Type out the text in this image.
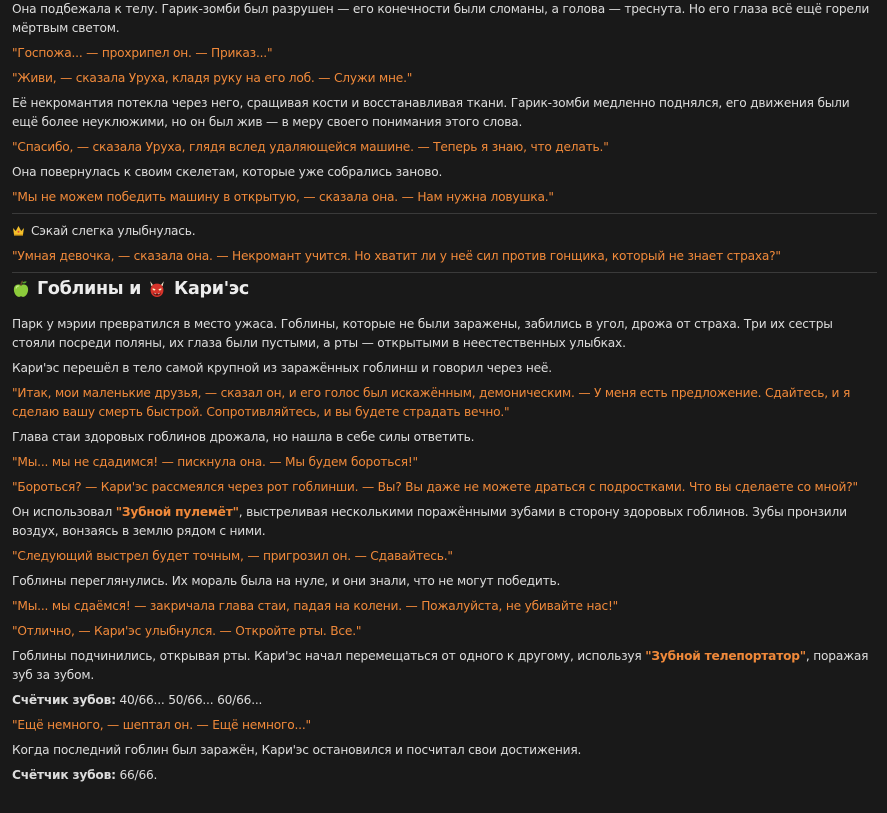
Она подбежала к телу. Гарик-зомби был разрушен — его конечности были сломаны, а голова — треснута. Но его глаза всё ещё горели мёртвым светом.

"Госпожа... — прохрипел он. — Приказ..."

"Живи, — сказала Уруха, кладя руку на его лоб. — Служи мне."

Её некромантия потекла через него, сращивая кости и восстанавливая ткани. Гарик-зомби медленно поднялся, его движения были ещё более неуклюжими, но он был жив — в меру своего понимания этого слова.

"Спасибо, — сказала Уруха, глядя вслед удаляющейся машине. — Теперь я знаю, что делать."

Она повернулась к своим скелетам, которые уже собрались заново.

"Мы не можем победить машину в открытую, — сказала она. — Нам нужна ловушка."

Сэкай слегка улыбнулась.

"Умная девочка, — сказала она. — Некромант учится. Но хватит ли у неё сил против гонщика, который не знает страха?"

Гоблины и Кари'эс

Парк у мэрии превратился в место ужаса. Гоблины, которые не были заражены, забились в угол, дрожа от страха. Три их сестры стояли посреди поляны, их глаза были пустыми, а рты — открытыми в неестественных улыбках.

Кари'эс перешёл в тело самой крупной из заражённых гоблинш и говорил через неё.

"Итак, мои маленькие друзья, — сказал он, и его голос был искажённым, демоническим. — У меня есть предложение. Сдайтесь, и я сделаю вашу смерть быстрой. Сопротивляйтесь, и вы будете страдать вечно."

Глава стаи здоровых гоблинов дрожала, но нашла в себе силы ответить.

"Мы... мы не сдадимся! — пискнула она. — Мы будем бороться!"

"Бороться? — Кари'эс рассмеялся через рот гоблинши. — Вы? Вы даже не можете драться с подростками. Что вы сделаете со мной?"

Он использовал "Зубной пулемёт", выстреливая несколькими поражёнными зубами в сторону здоровых гоблинов. Зубы пронзили воздух, вонзаясь в землю рядом с ними.

"Следующий выстрел будет точным, — пригрозил он. — Сдавайтесь."

Гоблины переглянулись. Их мораль была на нуле, и они знали, что не могут победить.

"Мы... мы сдаёмся! — закричала глава стаи, падая на колени. — Пожалуйста, не убивайте нас!"

"Отлично, — Кари'эс улыбнулся. — Откройте рты. Все."

Гоблины подчинились, открывая рты. Кари'эс начал перемещаться от одного к другому, используя "Зубной телепортатор", поражая зуб за зубом.

Счётчик зубов: 40/66... 50/66... 60/66...

"Ещё немного, — шептал он. — Ещё немного..."

Когда последний гоблин был заражён, Кари'эс остановился и посчитал свои достижения.

Счётчик зубов: 66/66.
